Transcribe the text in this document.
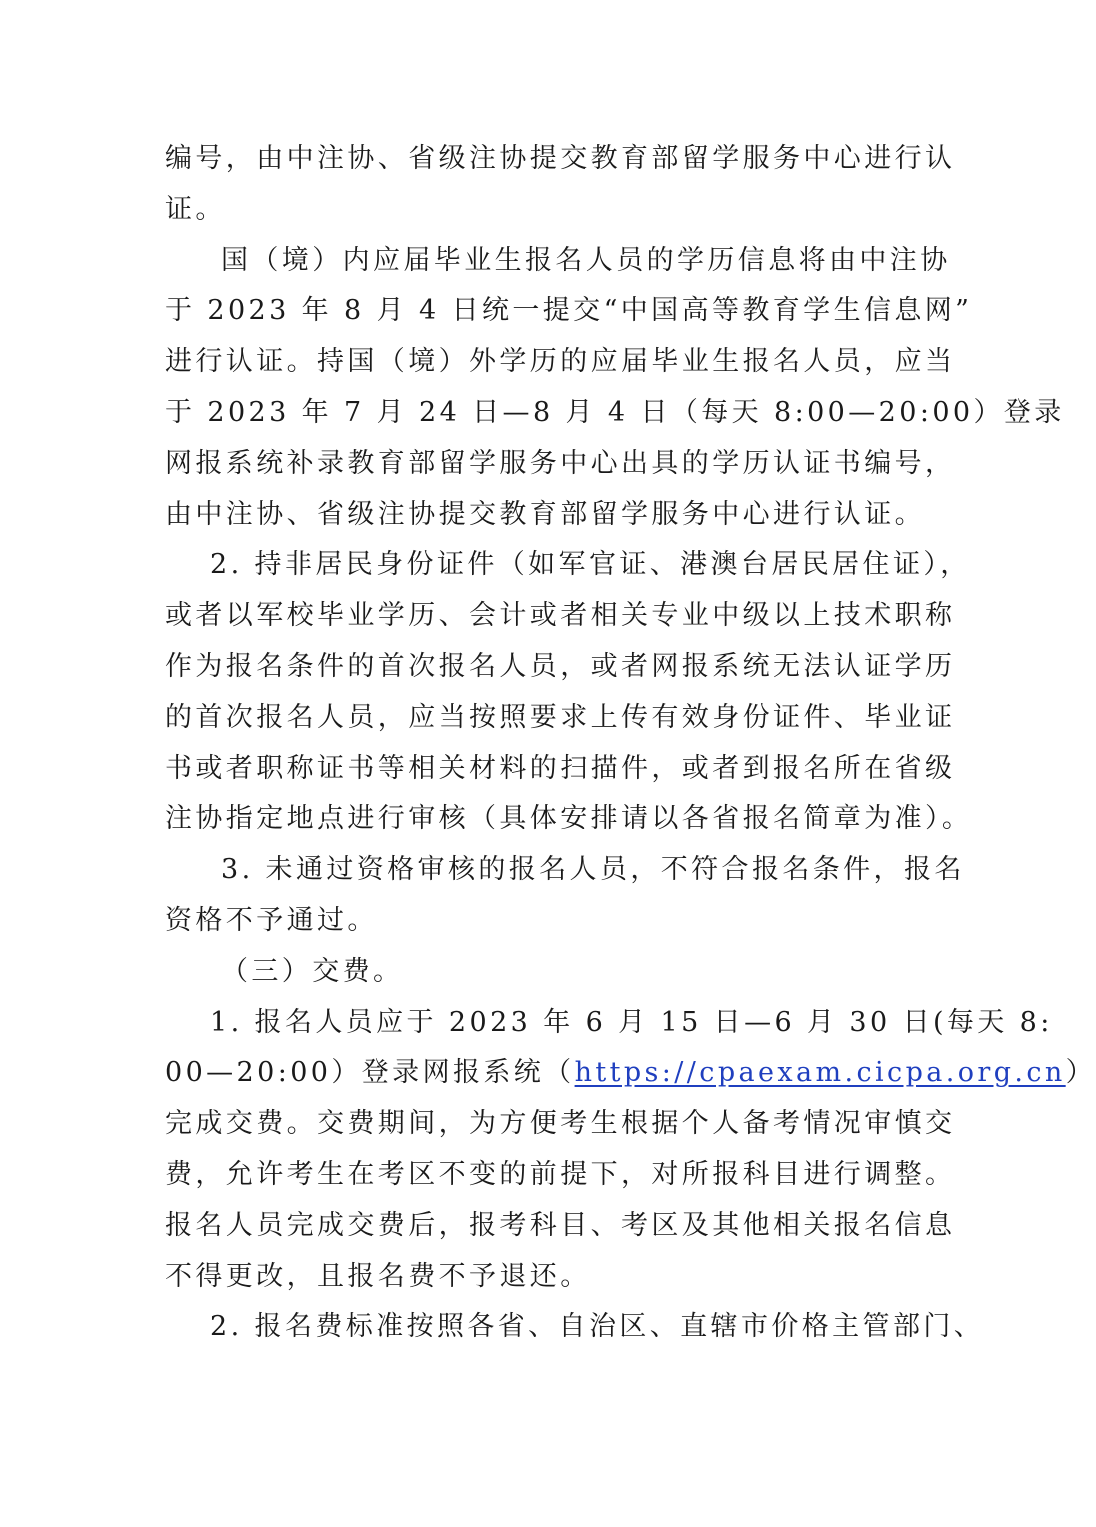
编号，由中注协、省级注协提交教育部留学服务中心进行认
证。

国（境）内应届毕业生报名人员的学历信息将由中注协
于 2023 年 8 月 4 日统一提交“中国高等教育学生信息网”
进行认证。持国（境）外学历的应届毕业生报名人员，应当
于 2023 年 7 月 24 日—8 月 4 日（每天 8:00—20:00）登录
网报系统补录教育部留学服务中心出具的学历认证书编号，
由中注协、省级注协提交教育部留学服务中心进行认证。

2. 持非居民身份证件（如军官证、港澳台居民居住证），
或者以军校毕业学历、会计或者相关专业中级以上技术职称
作为报名条件的首次报名人员，或者网报系统无法认证学历
的首次报名人员，应当按照要求上传有效身份证件、毕业证
书或者职称证书等相关材料的扫描件，或者到报名所在省级
注协指定地点进行审核（具体安排请以各省报名简章为准）。

3. 未通过资格审核的报名人员，不符合报名条件，报名
资格不予通过。

（三）交费。

1. 报名人员应于 2023 年 6 月 15 日—6 月 30 日(每天 8:
00—20:00）登录网报系统（https://cpaexam.cicpa.org.cn）
完成交费。交费期间，为方便考生根据个人备考情况审慎交
费，允许考生在考区不变的前提下，对所报科目进行调整。
报名人员完成交费后，报考科目、考区及其他相关报名信息
不得更改，且报名费不予退还。

2. 报名费标准按照各省、自治区、直辖市价格主管部门、
